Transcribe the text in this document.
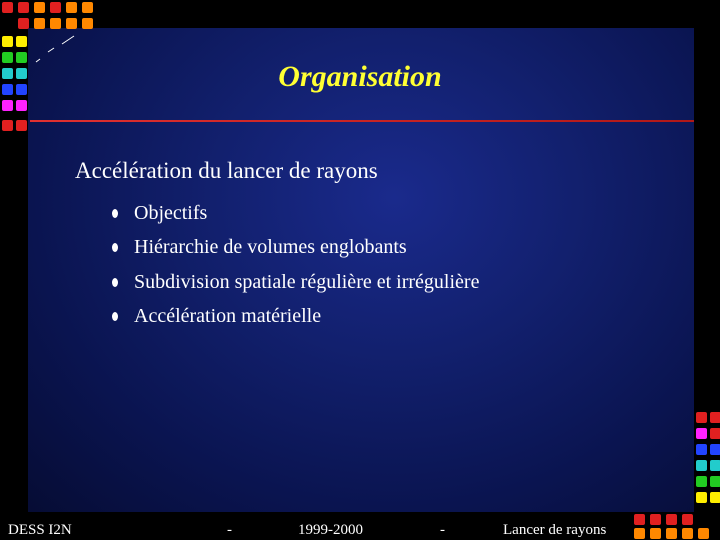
Organisation
Accélération du lancer de rayons
Objectifs
Hiérarchie de volumes englobants
Subdivision spatiale régulière et irrégulière
Accélération matérielle
DESS I2N	-	1999-2000	-	Lancer de rayons
